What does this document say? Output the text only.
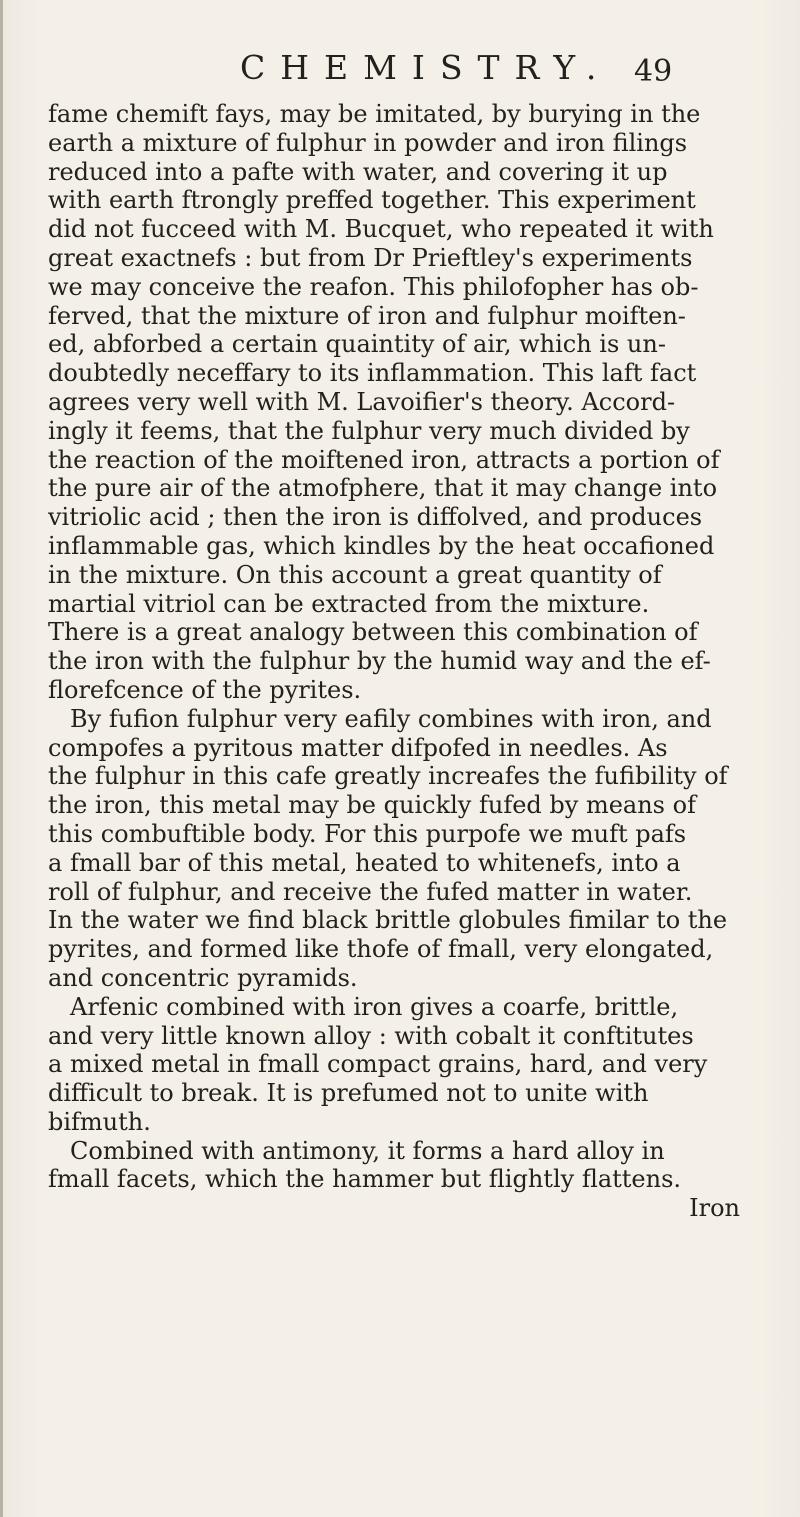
CHEMISTRY. 49
fame chemift fays, may be imitated, by burying in the
earth a mixture of fulphur in powder and iron filings
reduced into a pafte with water, and covering it up
with earth ftrongly preffed together. This experiment
did not fucceed with M. Bucquet, who repeated it with
great exactnefs : but from Dr Prieftley's experiments
we may conceive the reafon. This philofopher has ob-
ferved, that the mixture of iron and fulphur moiften-
ed, abforbed a certain quaintity of air, which is un-
doubtedly neceffary to its inflammation. This laft fact
agrees very well with M. Lavoifier's theory. Accord-
ingly it feems, that the fulphur very much divided by
the reaction of the moiftened iron, attracts a portion of
the pure air of the atmofphere, that it may change into
vitriolic acid ; then the iron is diffolved, and produces
inflammable gas, which kindles by the heat occafioned
in the mixture. On this account a great quantity of
martial vitriol can be extracted from the mixture.
There is a great analogy between this combination of
the iron with the fulphur by the humid way and the ef-
florefcence of the pyrites.
By fufion fulphur very eafily combines with iron, and
compofes a pyritous matter difpofed in needles. As
the fulphur in this cafe greatly increafes the fufibility of
the iron, this metal may be quickly fufed by means of
this combuftible body. For this purpofe we muft pafs
a fmall bar of this metal, heated to whitenefs, into a
roll of fulphur, and receive the fufed matter in water.
In the water we find black brittle globules fimilar to the
pyrites, and formed like thofe of fmall, very elongated,
and concentric pyramids.
Arfenic combined with iron gives a coarfe, brittle,
and very little known alloy : with cobalt it conftitutes
a mixed metal in fmall compact grains, hard, and very
difficult to break. It is prefumed not to unite with
bifmuth.
Combined with antimony, it forms a hard alloy in
fmall facets, which the hammer but flightly flattens.
Iron
